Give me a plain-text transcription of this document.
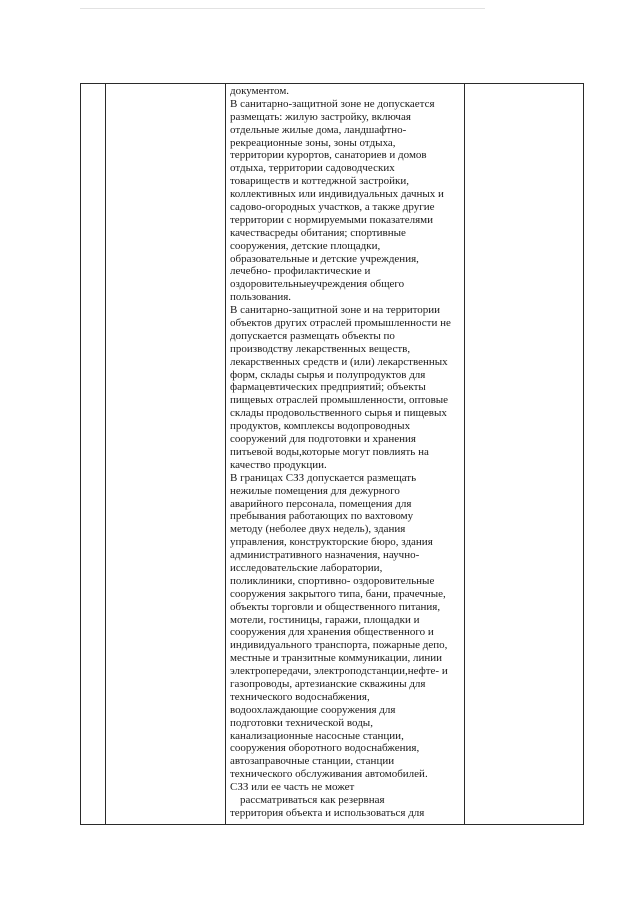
документом.
В санитарно-защитной зоне не допускается
размещать: жилую застройку, включая
отдельные жилые дома, ландшафтно-
рекреационные зоны, зоны отдыха,
территории курортов, санаториев и домов
отдыха, территории садоводческих
товариществ и коттеджной застройки,
коллективных или индивидуальных дачных и
садово-огородных участков, а также другие
территории с нормируемыми показателями
качествасреды обитания; спортивные
сооружения, детские площадки,
образовательные и детские учреждения,
лечебно- профилактические и
оздоровительныеучреждения общего
пользования.
В санитарно-защитной зоне и на территории
объектов других отраслей промышленности не
допускается размещать объекты по
производству лекарственных веществ,
лекарственных средств и (или) лекарственных
форм, склады сырья и полупродуктов для
фармацевтических предприятий; объекты
пищевых отраслей промышленности, оптовые
склады продовольственного сырья и пищевых
продуктов, комплексы водопроводных
сооружений для подготовки и хранения
питьевой воды,которые могут повлиять на
качество продукции.
В границах СЗЗ допускается размещать
нежилые помещения для дежурного
аварийного персонала, помещения для
пребывания работающих по вахтовому
методу (неболее двух недель), здания
управления, конструкторские бюро, здания
административного назначения, научно-
исследовательские лаборатории,
поликлиники, спортивно- оздоровительные
сооружения закрытого типа, бани, прачечные,
объекты торговли и общественного питания,
мотели, гостиницы, гаражи, площадки и
сооружения для хранения общественного и
индивидуального транспорта, пожарные депо,
местные и транзитные коммуникации, линии
электропередачи, электроподстанции,нефте- и
газопроводы, артезианские скважины для
технического водоснабжения,
водоохлаждающие сооружения для
подготовки технической воды,
канализационные насосные станции,
сооружения оборотного водоснабжения,
автозаправочные станции, станции
технического обслуживания автомобилей.
СЗЗ или ее часть не может
рассматриваться как резервная
территория объекта и использоваться для
